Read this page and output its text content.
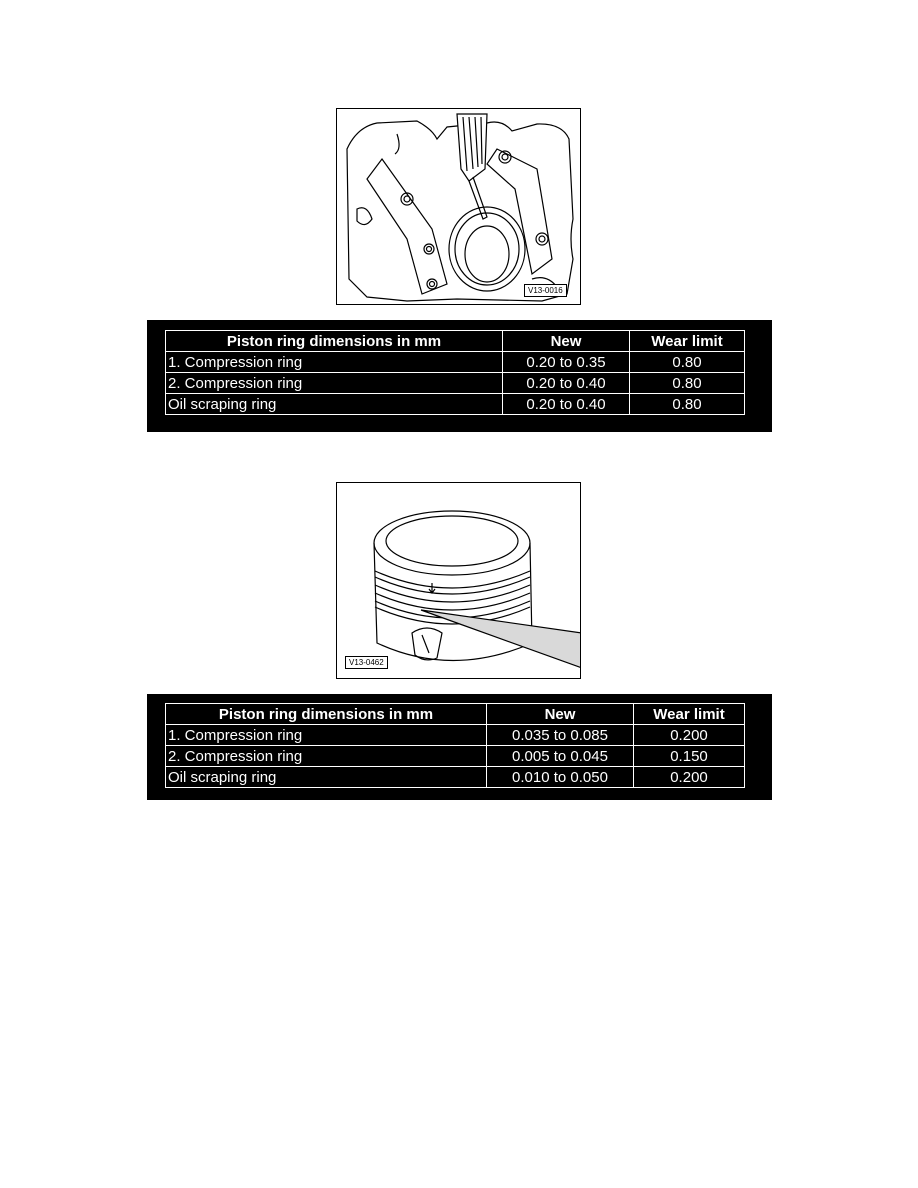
V13-0016
Piston ring dimensions in mm	New	Wear limit
1. Compression ring	0.20 to 0.35	0.80
2. Compression ring	0.20 to 0.40	0.80
Oil scraping ring	0.20 to 0.40	0.80
V13-0462
Piston ring dimensions in mm	New	Wear limit
1. Compression ring	0.035 to 0.085	0.200
2. Compression ring	0.005 to 0.045	0.150
Oil scraping ring	0.010 to 0.050	0.200
